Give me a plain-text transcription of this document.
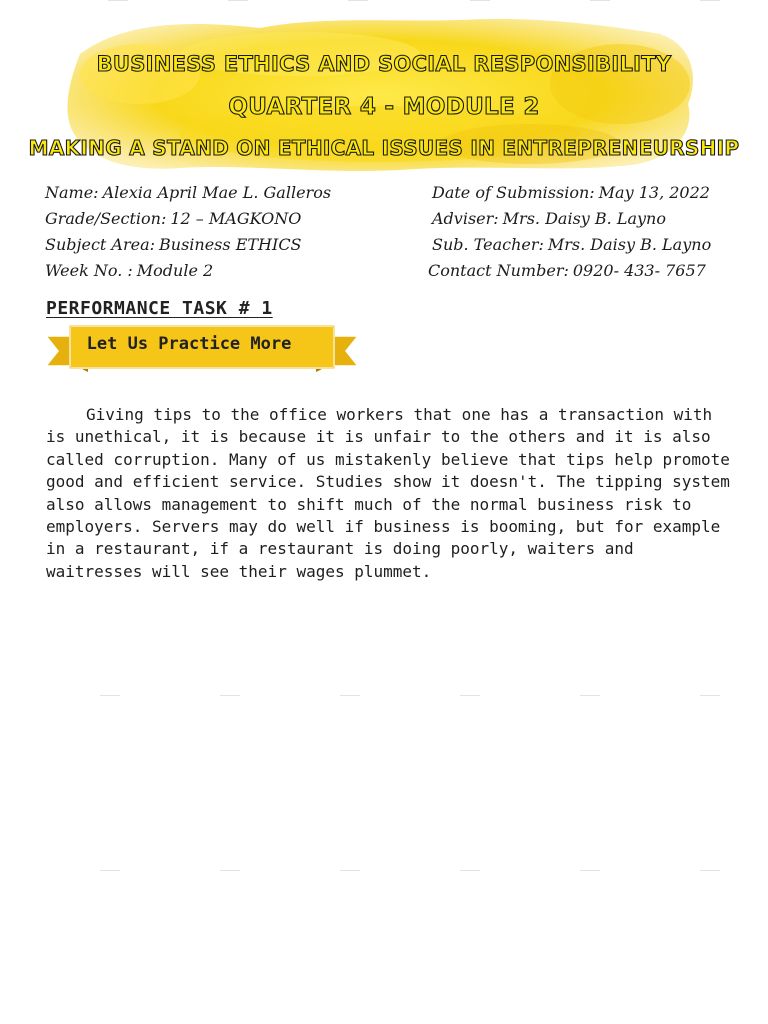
BUSINESS ETHICS AND SOCIAL RESPONSIBILITY
QUARTER 4 - MODULE 2
MAKING A STAND ON ETHICAL ISSUES IN ENTREPRENEURSHIP
Name: Alexia April Mae L. Galleros
Grade/Section: 12 – MAGKONO
Subject Area: Business ETHICS
Week No. : Module 2
Date of Submission: May 13, 2022
Adviser: Mrs. Daisy B. Layno
Sub. Teacher: Mrs. Daisy B. Layno
Contact Number: 0920- 433- 7657
PERFORMANCE TASK # 1
Let Us Practice More

Giving tips to the office workers that one has a transaction with is unethical, it is because it is unfair to the others and it is also called corruption. Many of us mistakenly believe that tips help promote good and efficient service. Studies show it doesn't. The tipping system also allows management to shift much of the normal business risk to employers. Servers may do well if business is booming, but for example in a restaurant, if a restaurant is doing poorly, waiters and waitresses will see their wages plummet.
